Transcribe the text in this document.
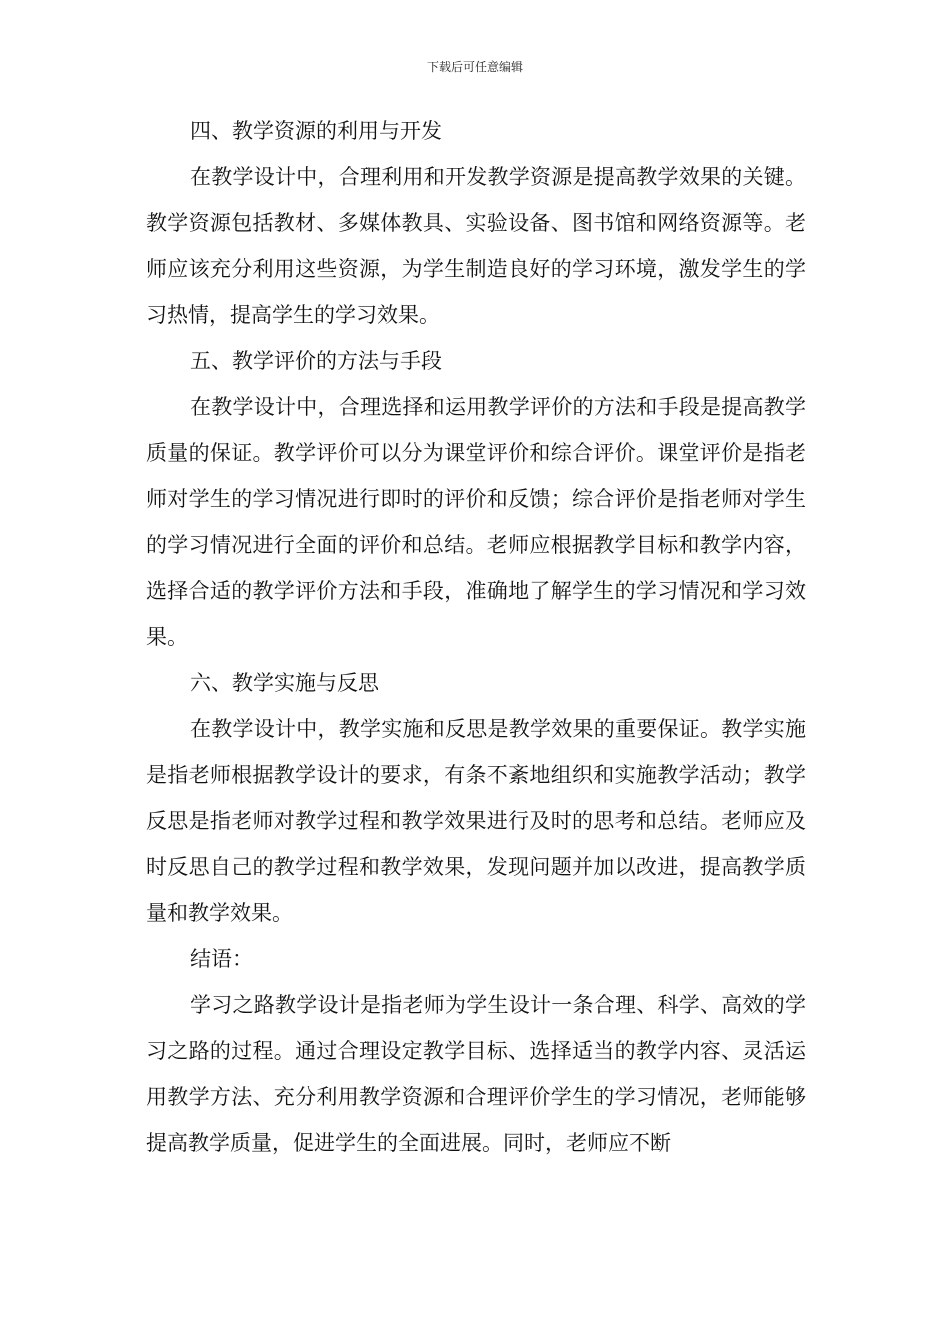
下载后可任意编辑
四、教学资源的利用与开发

在教学设计中，合理利用和开发教学资源是提高教学效果的关键。教学资源包括教材、多媒体教具、实验设备、图书馆和网络资源等。老师应该充分利用这些资源，为学生制造良好的学习环境，激发学生的学习热情，提高学生的学习效果。

五、教学评价的方法与手段

在教学设计中，合理选择和运用教学评价的方法和手段是提高教学质量的保证。教学评价可以分为课堂评价和综合评价。课堂评价是指老师对学生的学习情况进行即时的评价和反馈；综合评价是指老师对学生的学习情况进行全面的评价和总结。老师应根据教学目标和教学内容，选择合适的教学评价方法和手段，准确地了解学生的学习情况和学习效果。

六、教学实施与反思

在教学设计中，教学实施和反思是教学效果的重要保证。教学实施是指老师根据教学设计的要求，有条不紊地组织和实施教学活动；教学反思是指老师对教学过程和教学效果进行及时的思考和总结。老师应及时反思自己的教学过程和教学效果，发现问题并加以改进，提高教学质量和教学效果。

结语：

学习之路教学设计是指老师为学生设计一条合理、科学、高效的学习之路的过程。通过合理设定教学目标、选择适当的教学内容、灵活运用教学方法、充分利用教学资源和合理评价学生的学习情况，老师能够提高教学质量，促进学生的全面进展。同时，老师应不断
